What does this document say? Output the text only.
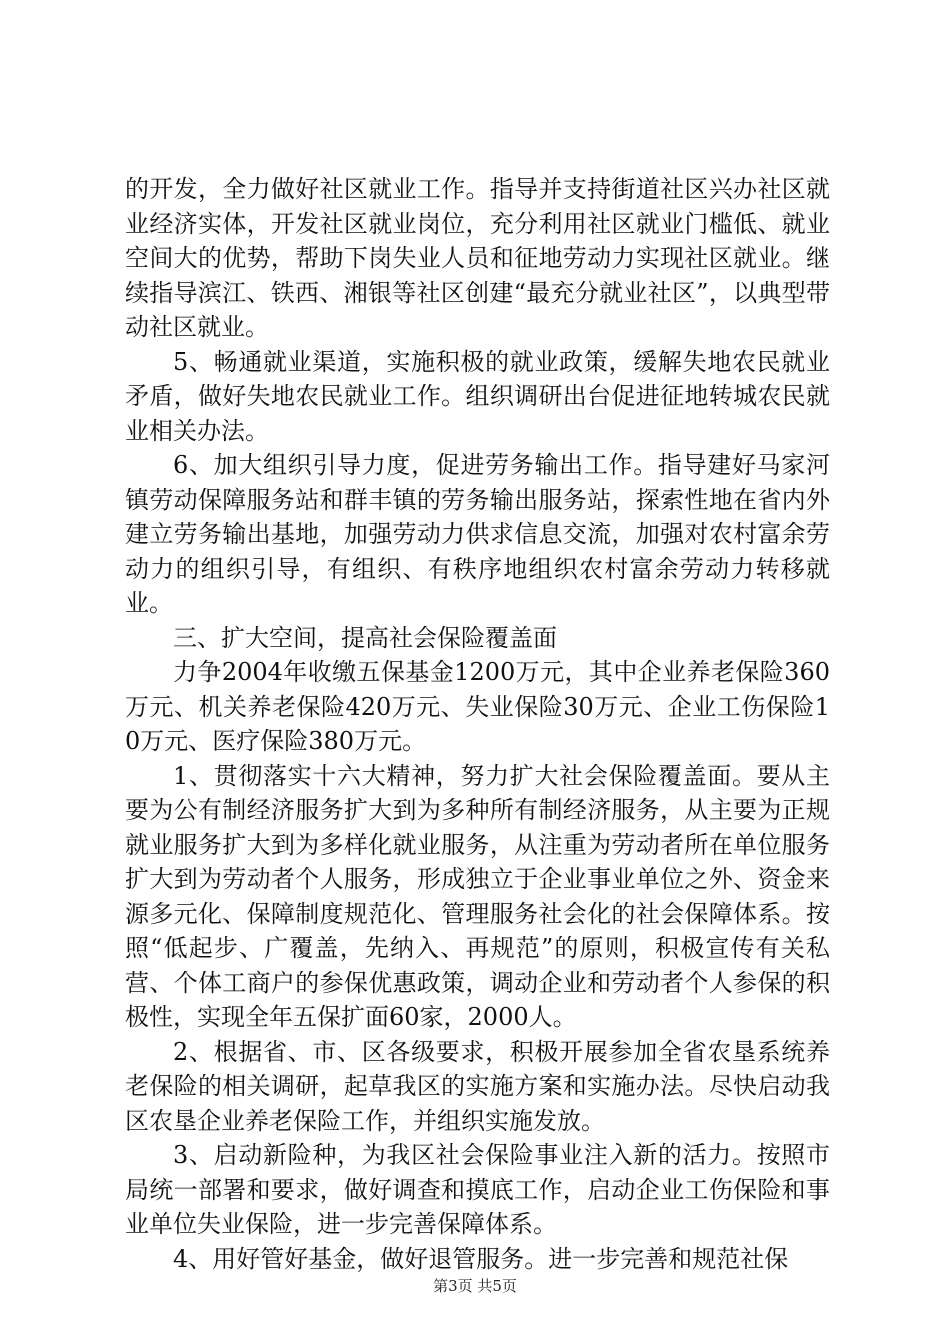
的开发，全力做好社区就业工作。指导并支持街道社区兴办社区就业经济实体，开发社区就业岗位，充分利用社区就业门槛低、就业空间大的优势，帮助下岗失业人员和征地劳动力实现社区就业。继续指导滨江、铁西、湘银等社区创建“最充分就业社区”，以典型带动社区就业。

5、畅通就业渠道，实施积极的就业政策，缓解失地农民就业矛盾，做好失地农民就业工作。组织调研出台促进征地转城农民就业相关办法。

6、加大组织引导力度，促进劳务输出工作。指导建好马家河镇劳动保障服务站和群丰镇的劳务输出服务站，探索性地在省内外建立劳务输出基地，加强劳动力供求信息交流，加强对农村富余劳动力的组织引导，有组织、有秩序地组织农村富余劳动力转移就业。

三、扩大空间，提高社会保险覆盖面

力争2004年收缴五保基金1200万元，其中企业养老保险360万元、机关养老保险420万元、失业保险30万元、企业工伤保险10万元、医疗保险380万元。

1、贯彻落实十六大精神，努力扩大社会保险覆盖面。要从主要为公有制经济服务扩大到为多种所有制经济服务，从主要为正规就业服务扩大到为多样化就业服务，从注重为劳动者所在单位服务扩大到为劳动者个人服务，形成独立于企业事业单位之外、资金来源多元化、保障制度规范化、管理服务社会化的社会保障体系。按照“低起步、广覆盖，先纳入、再规范”的原则，积极宣传有关私营、个体工商户的参保优惠政策，调动企业和劳动者个人参保的积极性，实现全年五保扩面60家，2000人。

2、根据省、市、区各级要求，积极开展参加全省农垦系统养老保险的相关调研，起草我区的实施方案和实施办法。尽快启动我区农垦企业养老保险工作，并组织实施发放。

3、启动新险种，为我区社会保险事业注入新的活力。按照市局统一部署和要求，做好调查和摸底工作，启动企业工伤保险和事业单位失业保险，进一步完善保障体系。

4、用好管好基金，做好退管服务。进一步完善和规范社保

第3页 共5页
